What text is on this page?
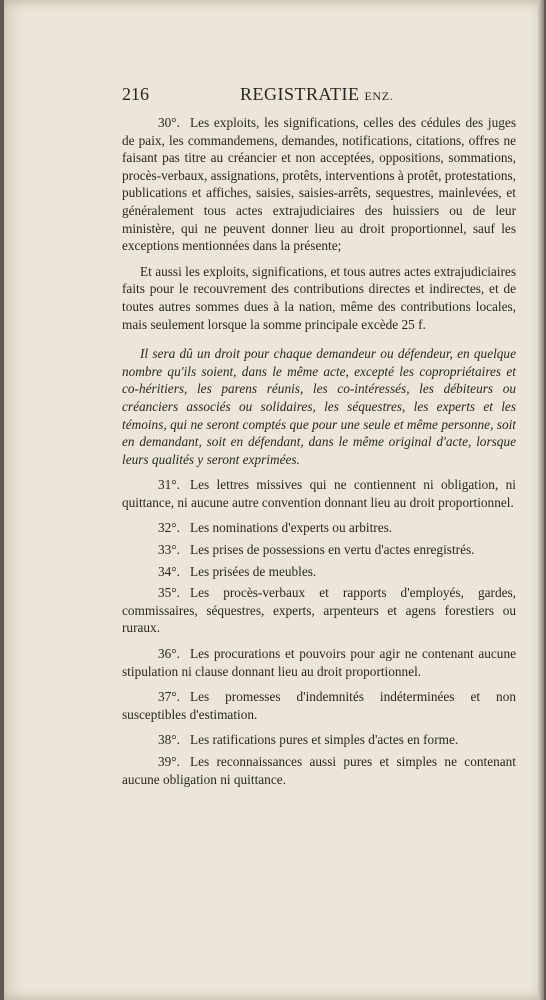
216	REGISTRATIE ENZ.

30°. Les exploits, les significations, celles des cédules des juges de paix, les commandemens, demandes, notifications, citations, offres ne faisant pas titre au créancier et non acceptées, oppositions, sommations, procès-verbaux, assignations, protêts, interventions à protêt, protestations, publications et affiches, saisies, saisies-arrêts, sequestres, mainlevées, et généralement tous actes extrajudiciaires des huissiers ou de leur ministère, qui ne peuvent donner lieu au droit proportionnel, sauf les exceptions mentionnées dans la présente;

Et aussi les exploits, significations, et tous autres actes extrajudiciaires faits pour le recouvrement des contributions directes et indirectes, et de toutes autres sommes dues à la nation, même des contributions locales, mais seulement lorsque la somme principale excède 25 f.

Il sera dû un droit pour chaque demandeur ou défendeur, en quelque nombre qu'ils soient, dans le même acte, excepté les copropriétaires et co-héritiers, les parens réunis, les co-intéressés, les débiteurs ou créanciers associés ou solidaires, les séquestres, les experts et les témoins, qui ne seront comptés que pour une seule et même personne, soit en demandant, soit en défendant, dans le même original d'acte, lorsque leurs qualités y seront exprimées.

31°. Les lettres missives qui ne contiennent ni obligation, ni quittance, ni aucune autre convention donnant lieu au droit proportionnel.

32°. Les nominations d'experts ou arbitres.

33°. Les prises de possessions en vertu d'actes enregistrés.

34°. Les prisées de meubles.

35°. Les procès-verbaux et rapports d'employés, gardes, commissaires, séquestres, experts, arpenteurs et agens forestiers ou ruraux.

36°. Les procurations et pouvoirs pour agir ne contenant aucune stipulation ni clause donnant lieu au droit proportionnel.

37°. Les promesses d'indemnités indéterminées et non susceptibles d'estimation.

38°. Les ratifications pures et simples d'actes en forme.

39°. Les reconnaissances aussi pures et simples ne contenant aucune obligation ni quittance.
